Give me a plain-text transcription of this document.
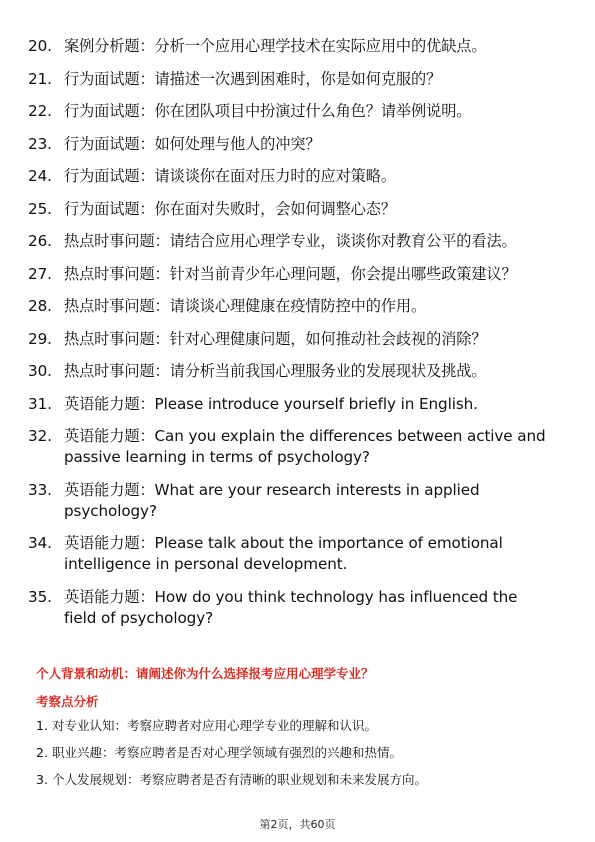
20. 案例分析题：分析一个应用心理学技术在实际应用中的优缺点。
21. 行为面试题：请描述一次遇到困难时，你是如何克服的？
22. 行为面试题：你在团队项目中扮演过什么角色？请举例说明。
23. 行为面试题：如何处理与他人的冲突？
24. 行为面试题：请谈谈你在面对压力时的应对策略。
25. 行为面试题：你在面对失败时，会如何调整心态？
26. 热点时事问题：请结合应用心理学专业，谈谈你对教育公平的看法。
27. 热点时事问题：针对当前青少年心理问题，你会提出哪些政策建议？
28. 热点时事问题：请谈谈心理健康在疫情防控中的作用。
29. 热点时事问题：针对心理健康问题，如何推动社会歧视的消除？
30. 热点时事问题：请分析当前我国心理服务业的发展现状及挑战。
31. 英语能力题：Please introduce yourself briefly in English.
32. 英语能力题：Can you explain the differences between active and passive learning in terms of psychology?
33. 英语能力题：What are your research interests in applied psychology?
34. 英语能力题：Please talk about the importance of emotional intelligence in personal development.
35. 英语能力题：How do you think technology has influenced the field of psychology?
个人背景和动机：请阐述你为什么选择报考应用心理学专业？
考察点分析
1. 对专业认知：考察应聘者对应用心理学专业的理解和认识。
2. 职业兴趣：考察应聘者是否对心理学领域有强烈的兴趣和热情。
3. 个人发展规划：考察应聘者是否有清晰的职业规划和未来发展方向。
第2页，共60页
